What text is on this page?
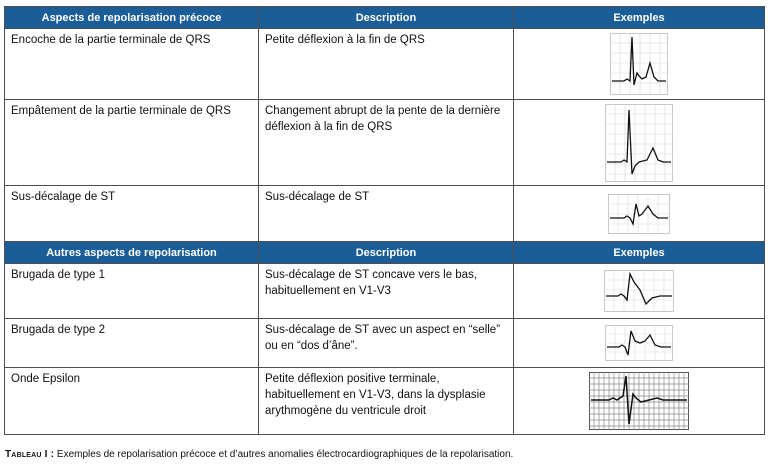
Aspects de repolarisation précoce	Description	Exemples
Encoche de la partie terminale de QRS	Petite déflexion à la fin de QRS	

Empâtement de la partie terminale de QRS	Changement abrupt de la pente de la dernière déflexion à la fin de QRS	

Sus-décalage de ST	Sus-décalage de ST	

Autres aspects de repolarisation	Description	Exemples
Brugada de type 1	Sus-décalage de ST concave vers le bas, habituellement en V1-V3	

Brugada de type 2	Sus-décalage de ST avec un aspect en “selle” ou en “dos d’âne”.	

Onde Epsilon	Petite déflexion positive terminale, habituellement en V1-V3, dans la dysplasie arythmogène du ventricule droit	
Tableau I : Exemples de repolarisation précoce et d’autres anomalies électrocardiographiques de la repolarisation.
